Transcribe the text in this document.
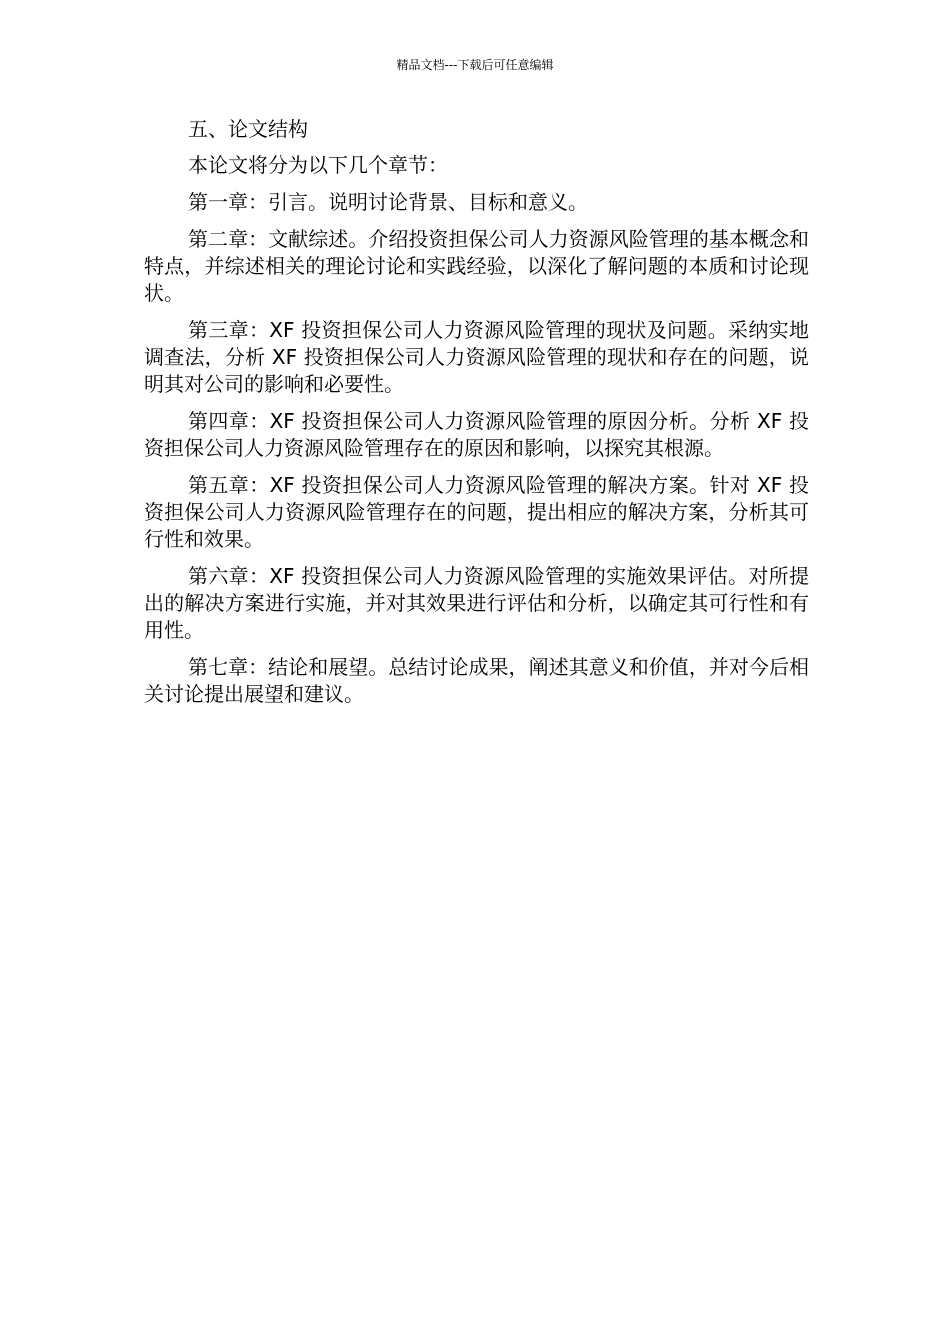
精品文档---下载后可任意编辑

五、论文结构

本论文将分为以下几个章节：

第一章：引言。说明讨论背景、目标和意义。

第二章：文献综述。介绍投资担保公司人力资源风险管理的基本概念和特点，并综述相关的理论讨论和实践经验，以深化了解问题的本质和讨论现状。

第三章：XF 投资担保公司人力资源风险管理的现状及问题。采纳实地调查法，分析 XF 投资担保公司人力资源风险管理的现状和存在的问题，说明其对公司的影响和必要性。

第四章：XF 投资担保公司人力资源风险管理的原因分析。分析 XF 投资担保公司人力资源风险管理存在的原因和影响，以探究其根源。

第五章：XF 投资担保公司人力资源风险管理的解决方案。针对 XF 投资担保公司人力资源风险管理存在的问题，提出相应的解决方案，分析其可行性和效果。

第六章：XF 投资担保公司人力资源风险管理的实施效果评估。对所提出的解决方案进行实施，并对其效果进行评估和分析，以确定其可行性和有用性。

第七章：结论和展望。总结讨论成果，阐述其意义和价值，并对今后相关讨论提出展望和建议。
